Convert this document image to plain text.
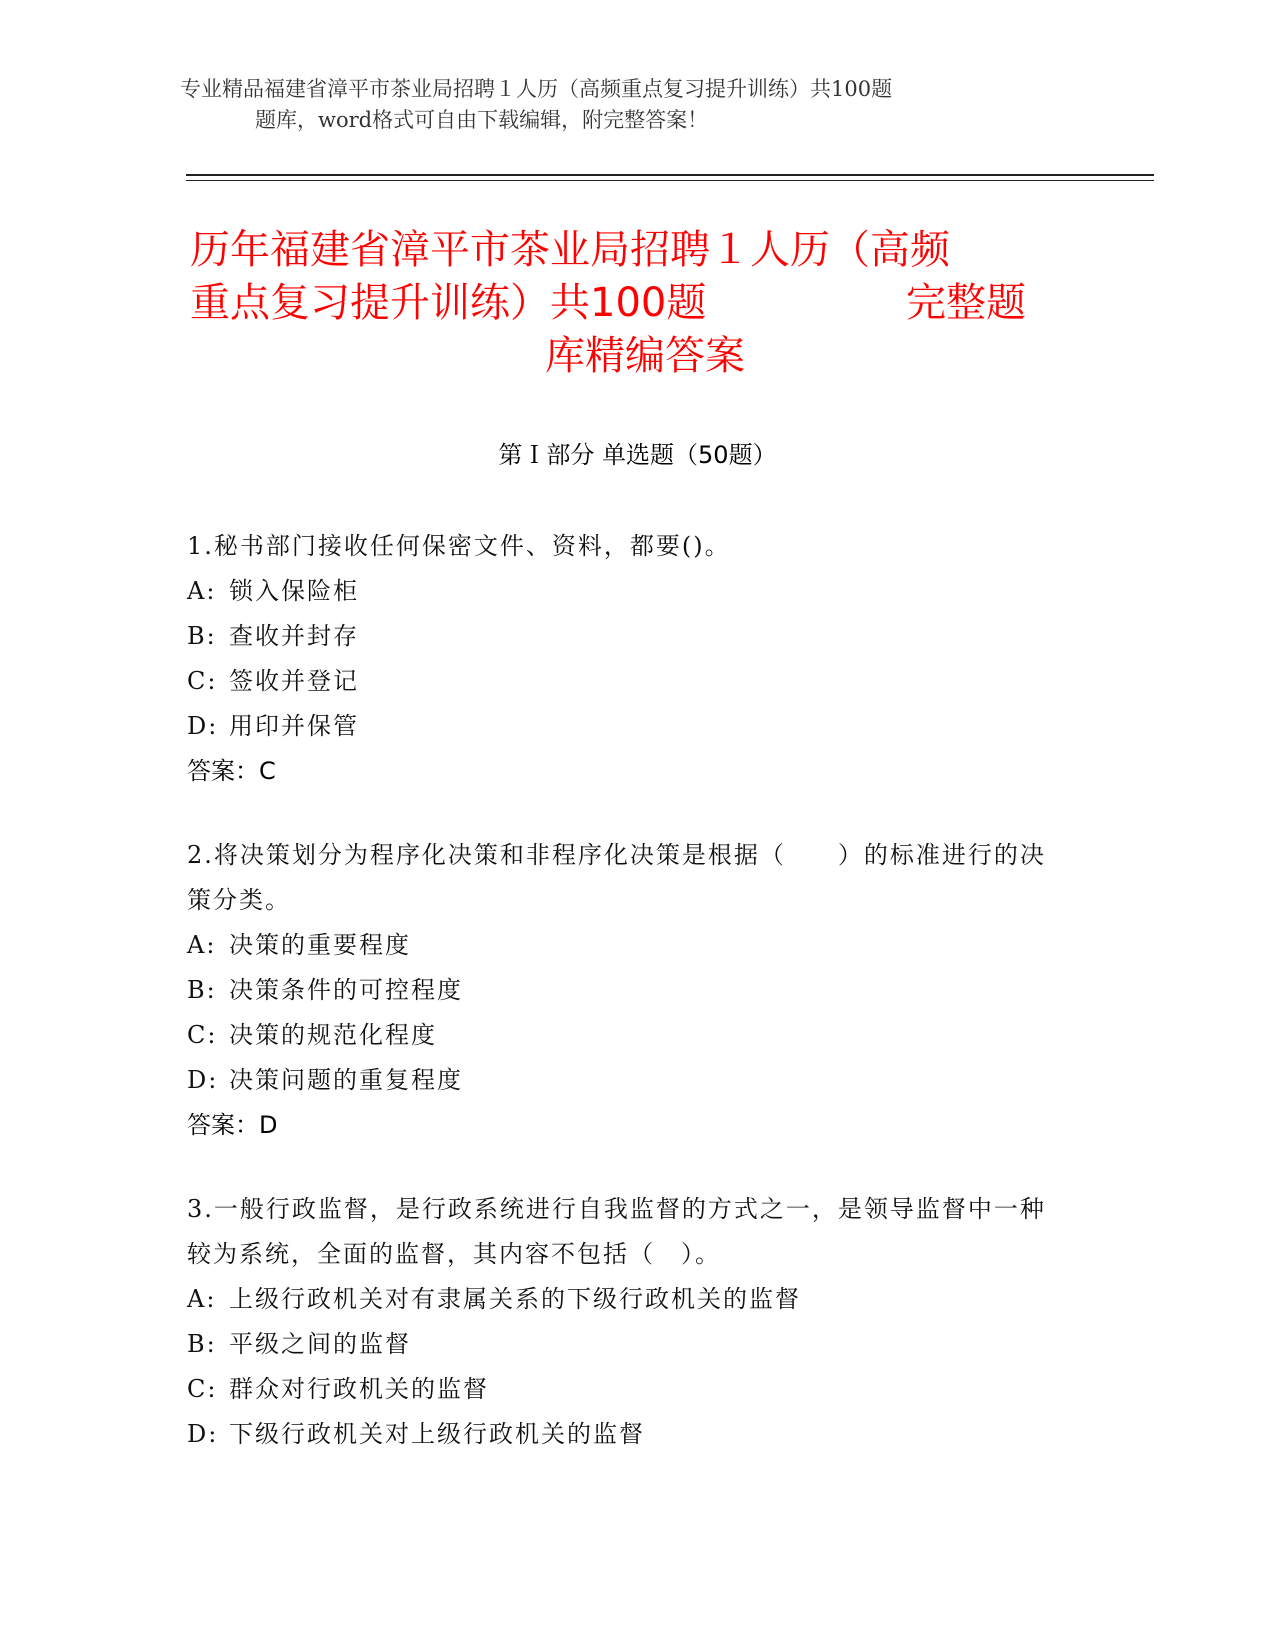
专业精品福建省漳平市茶业局招聘１人历（高频重点复习提升训练）共100题
题库，word格式可自由下载编辑，附完整答案！
历年福建省漳平市茶业局招聘１人历（高频
重点复习提升训练）共100题	完整题
库精编答案
第Ｉ部分 单选题（50题）
1.秘书部门接收任何保密文件、资料，都要()。
A: 锁入保险柜
B: 查收并封存
C: 签收并登记
D: 用印并保管
答案：C
2.将决策划分为程序化决策和非程序化决策是根据（　　）的标准进行的决策分类。
A: 决策的重要程度
B: 决策条件的可控程度
C: 决策的规范化程度
D: 决策问题的重复程度
答案：D
3.一般行政监督，是行政系统进行自我监督的方式之一，是领导监督中一种较为系统，全面的监督，其内容不包括（　）。
A: 上级行政机关对有隶属关系的下级行政机关的监督
B: 平级之间的监督
C: 群众对行政机关的监督
D: 下级行政机关对上级行政机关的监督
